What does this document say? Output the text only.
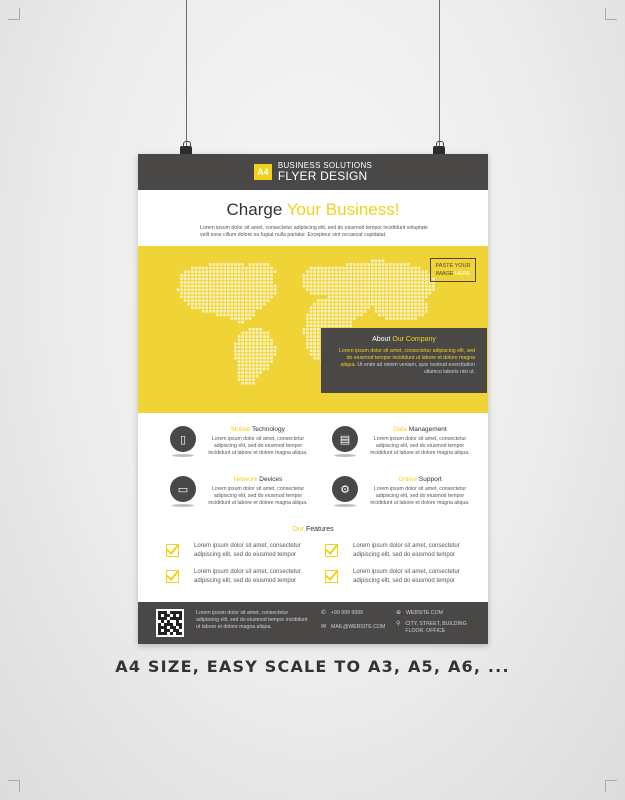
A4
BUSINESS SOLUTIONS
FLYER DESIGN
Charge Your Business!
Lorem ipsum dolor sit amet, consectetur adipiscing elit, sed do eiusmod tempor incididunt voluptate velit esse cillum dolore eu fugiat nulla pariatur. Excepteur sint occaecat cupidatat.
PASTE YOUR
IMAGE HERE
About Our Company
Lorem ipsum dolor sit amet, consectetur adipiscing elit, sed do eiusmod tempor incididunt ut labore et dolore magna aliqua. Ut enim ad minim veniam, quis nostrud exercitation ullamco laboris nisi ut.
▯
Mobile Technology
Lorem ipsum dolor sit amet, consectetur adipiscing elit, sed do eiusmod tempor incididunt ut labore et dolore magna aliqua.
▤
Data Management
Lorem ipsum dolor sit amet, consectetur adipiscing elit, sed do eiusmod tempor incididunt ut labore et dolore magna aliqua.
▭
Network Devices
Lorem ipsum dolor sit amet, consectetur adipiscing elit, sed do eiusmod tempor incididunt ut labore et dolore magna aliqua.
⚙
Online Support
Lorem ipsum dolor sit amet, consectetur adipiscing elit, sed do eiusmod tempor incididunt ut labore et dolore magna aliqua.
Our Features
Lorem ipsum dolor sit amet, consectetur adipiscing elit, sed do eiusmod tempor
Lorem ipsum dolor sit amet, consectetur adipiscing elit, sed do eiusmod tempor
Lorem ipsum dolor sit amet, consectetur adipiscing elit, sed do eiusmod tempor
Lorem ipsum dolor sit amet, consectetur adipiscing elit, sed do eiusmod tempor
Lorem ipsum dolor sit amet, consectetur adipiscing elit, sed do eiusmod tempor incididunt ut labore et dolore magna aliqua.
✆ +99 999 9999
✉ MAIL@WEBSITE.COM
⊕ WEBSITE.COM
⚲ CITY, STREET, BUILDING FLOOR, OFFICE
A4 SIZE, EASY SCALE TO A3, A5, A6, ...
